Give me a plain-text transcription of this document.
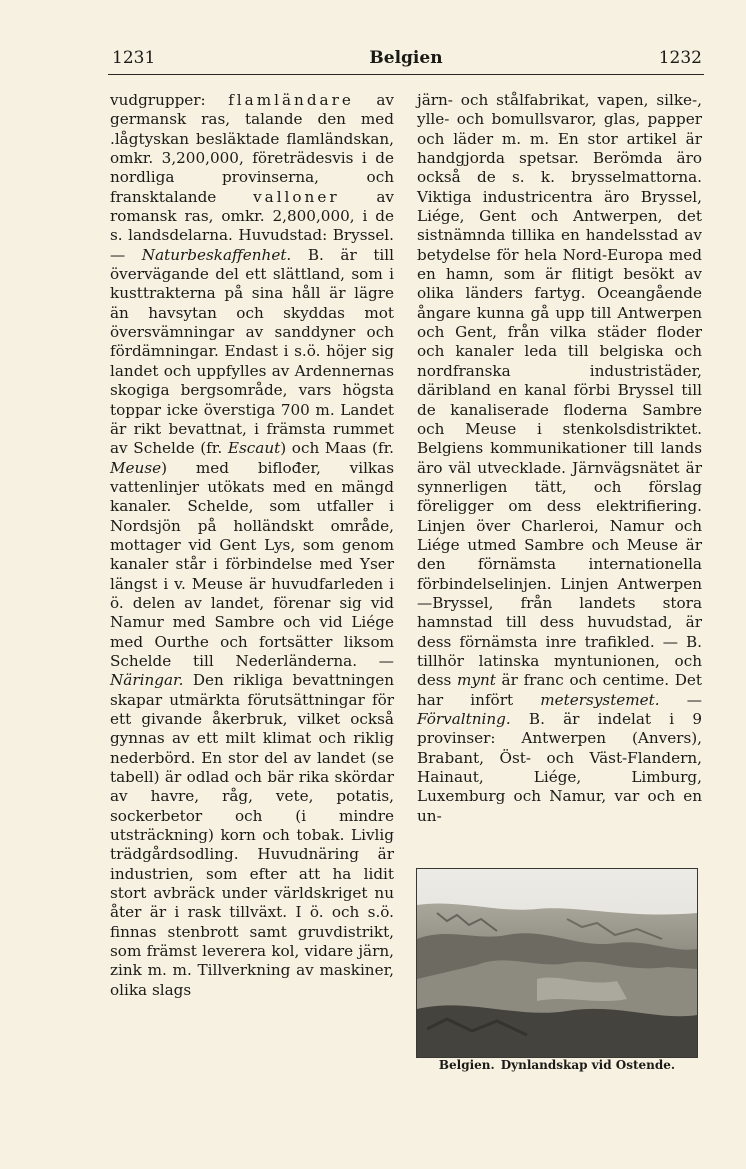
1231	Belgien	1232

vudgrupper: flamländare av germansk ras, talande den med .lågtyskan besläktade flamländskan, omkr. 3,200,000, företrädesvis i de nordliga provinserna, och fransktalande valloner av romansk ras, omkr. 2,800,000, i de s. landsdelarna. Huvudstad: Bryssel. — Naturbeskaffenhet. B. är till övervägande del ett slättland, som i kusttrakterna på sina håll är lägre än havsytan och skyddas mot översvämningar av sanddyner och fördämningar. Endast i s.ö. höjer sig landet och uppfylles av Ardennernas skogiga bergsområde, vars högsta toppar icke överstiga 700 m. Landet är rikt bevattnat, i främsta rummet av Schelde (fr. Escaut) och Maas (fr. Meuse) med biflođer, vilkas vattenlinjer utökats med en mängd kanaler. Schelde, som utfaller i Nordsjön på holländskt område, mottager vid Gent Lys, som genom kanaler står i förbindelse med Yser längst i v. Meuse är huvudfarleden i ö. delen av landet, förenar sig vid Namur med Sambre och vid Liége med Ourthe och fortsätter liksom Schelde till Nederländerna. — Näringar. Den rikliga bevattningen skapar utmärkta förutsättningar för ett givande åkerbruk, vilket också gynnas av ett milt klimat och riklig nederbörd. En stor del av landet (se tabell) är odlad och bär rika skördar av havre, råg, vete, potatis, sockerbetor och (i mindre utsträckning) korn och tobak. Livlig trädgårdsodling. Huvudnäring är industrien, som efter att ha lidit stort avbräck under världskriget nu åter är i rask tillväxt. I ö. och s.ö. finnas stenbrott samt gruvdistrikt, som främst leverera kol, vidare järn, zink m. m. Tillverkning av maskiner, olika slags

järn- och stålfabrikat, vapen, silke-, ylle- och bomullsvaror, glas, papper och läder m. m. En stor artikel är handgjorda spetsar. Berömda äro också de s. k. brysselmattorna. Viktiga industricentra äro Bryssel, Liége, Gent och Antwerpen, det sistnämnda tillika en handelsstad av betydelse för hela Nord-Europa med en hamn, som är flitigt besökt av olika länders fartyg. Oceangående ångare kunna gå upp till Antwerpen och Gent, från vilka städer floder och kanaler leda till belgiska och nordfranska industristäder, däribland en kanal förbi Bryssel till de kanaliserade floderna Sambre och Meuse i stenkolsdistriktet. Belgiens kommunikationer till lands äro väl utvecklade. Järnvägsnätet är synnerligen tätt, och förslag föreligger om dess elektrifiering. Linjen över Charleroi, Namur och Liége utmed Sambre och Meuse är den förnämsta internationella förbindelselinjen. Linjen Antwerpen—Bryssel, från landets stora hamnstad till dess huvudstad, är dess förnämsta inre trafikled. — B. tillhör latinska myntunionen, och dess mynt är franc och centime. Det har infört metersystemet. — Förvaltning. B. är indelat i 9 provinser: Antwerpen (Anvers), Brabant, Öst- och Väst-Flandern, Hainaut, Liége, Limburg, Luxemburg och Namur, var och en un-

Belgien. Dynlandskap vid Ostende.
